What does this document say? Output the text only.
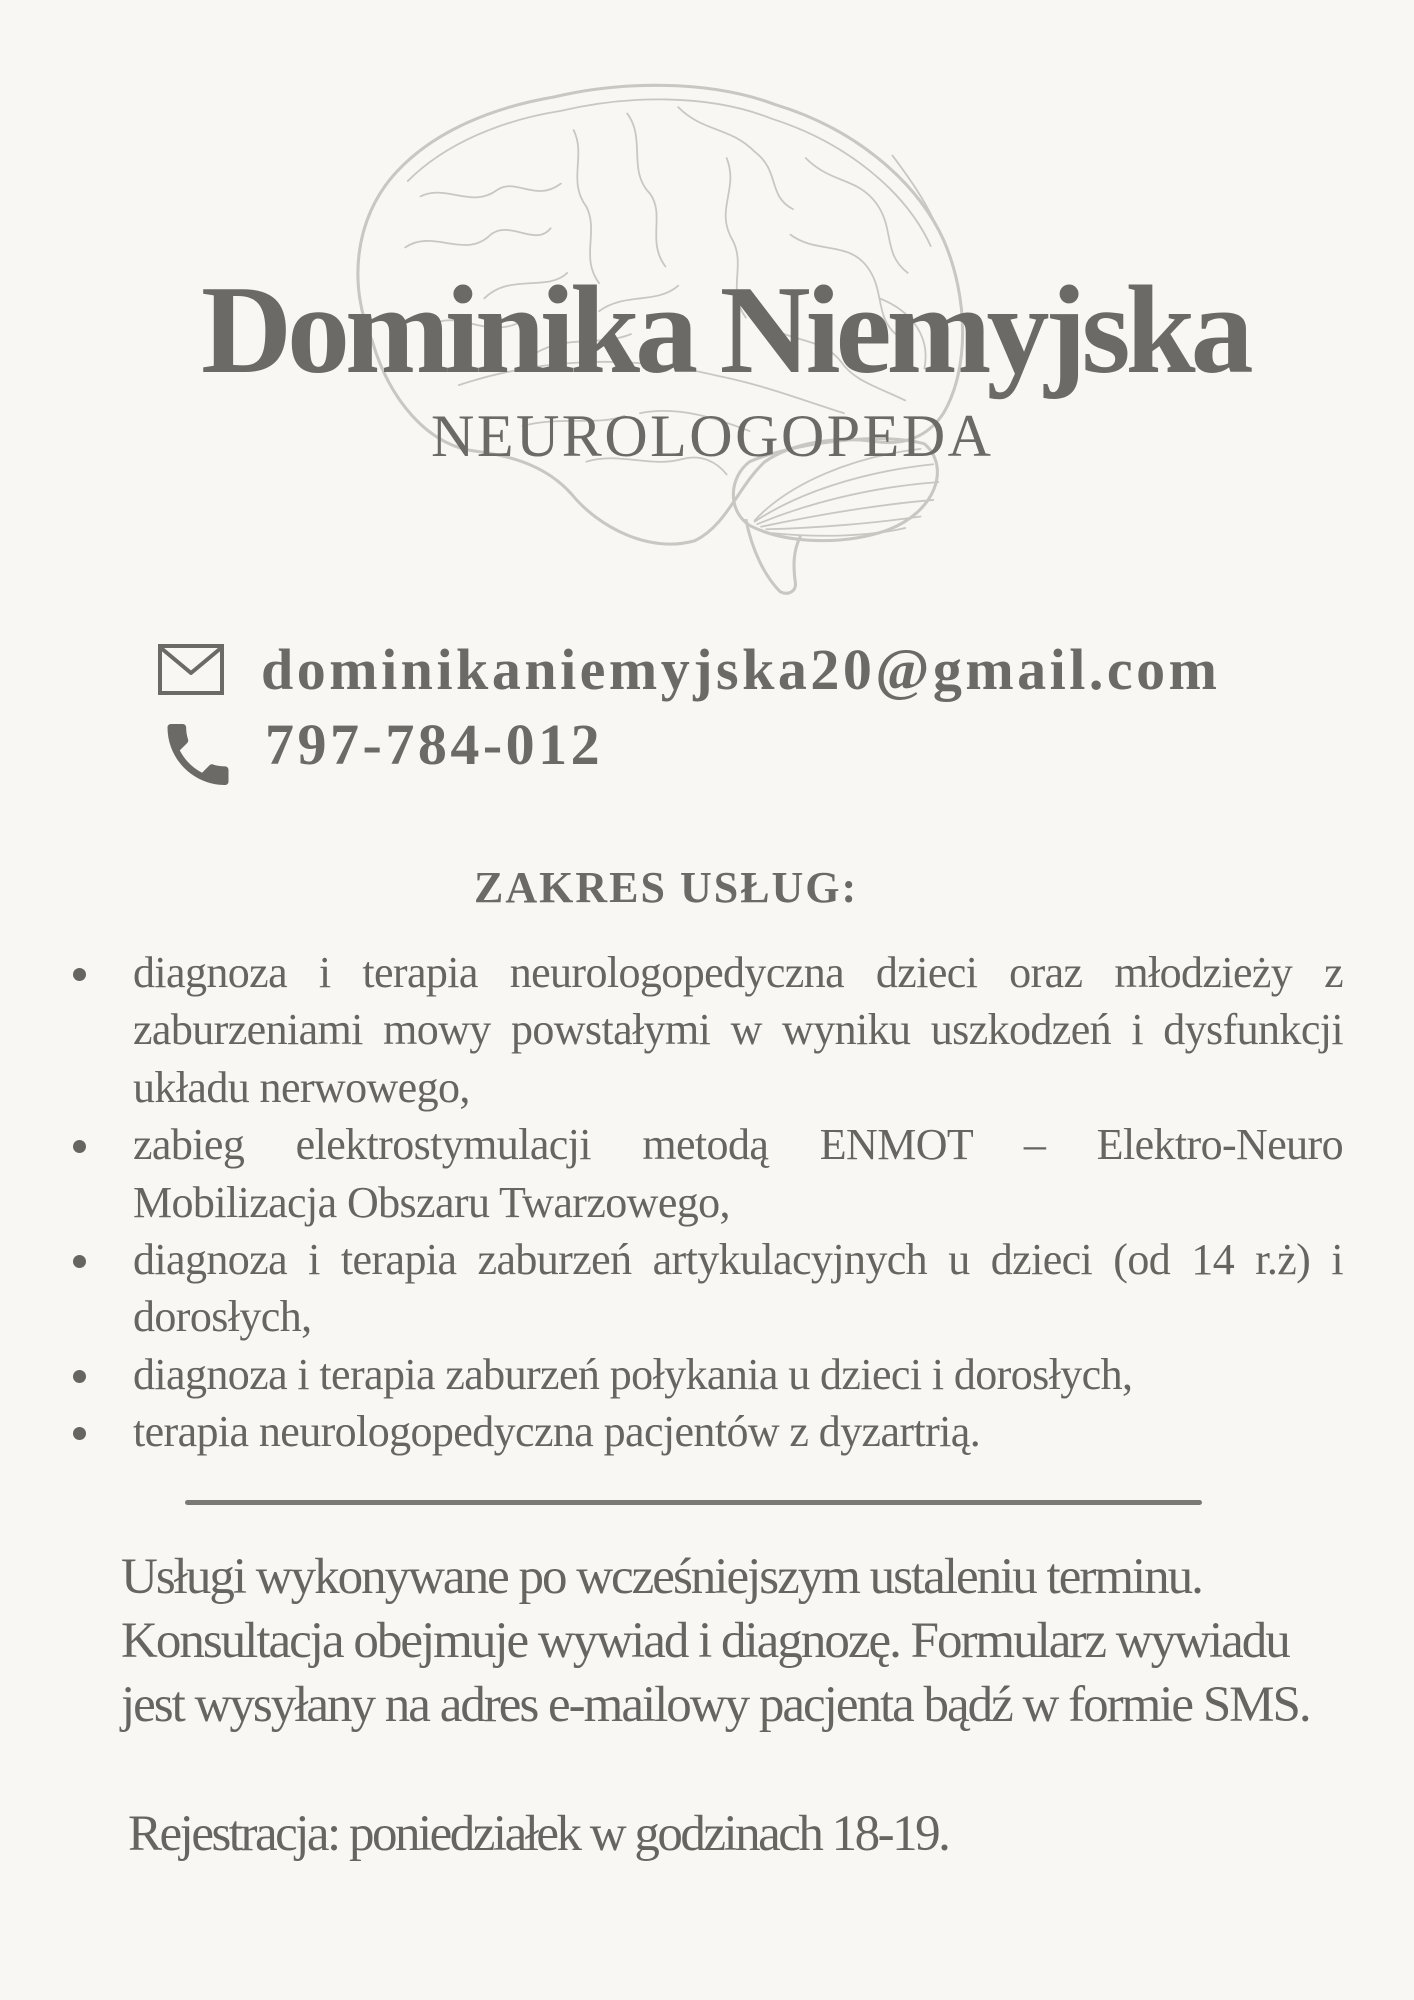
Dominika Niemyjska
NEUROLOGOPEDA
dominikaniemyjska20@gmail.com
797-784-012
ZAKRES USŁUG:
diagnoza i terapia neurologopedyczna dzieci oraz młodzieży z
zaburzeniami mowy powstałymi w wyniku uszkodzeń i dysfunkcji
układu nerwowego,
zabieg elektrostymulacji metodą ENMOT – Elektro-Neuro
Mobilizacja Obszaru Twarzowego,
diagnoza i terapia zaburzeń artykulacyjnych u dzieci (od 14 r.ż) i
dorosłych,
diagnoza i terapia zaburzeń połykania u dzieci i dorosłych,
terapia neurologopedyczna pacjentów z dyzartrią.
Usługi wykonywane po wcześniejszym ustaleniu terminu.
Konsultacja obejmuje wywiad i diagnozę. Formularz wywiadu
jest wysyłany na adres e-mailowy pacjenta bądź w formie SMS.
Rejestracja: poniedziałek w godzinach 18-19.
